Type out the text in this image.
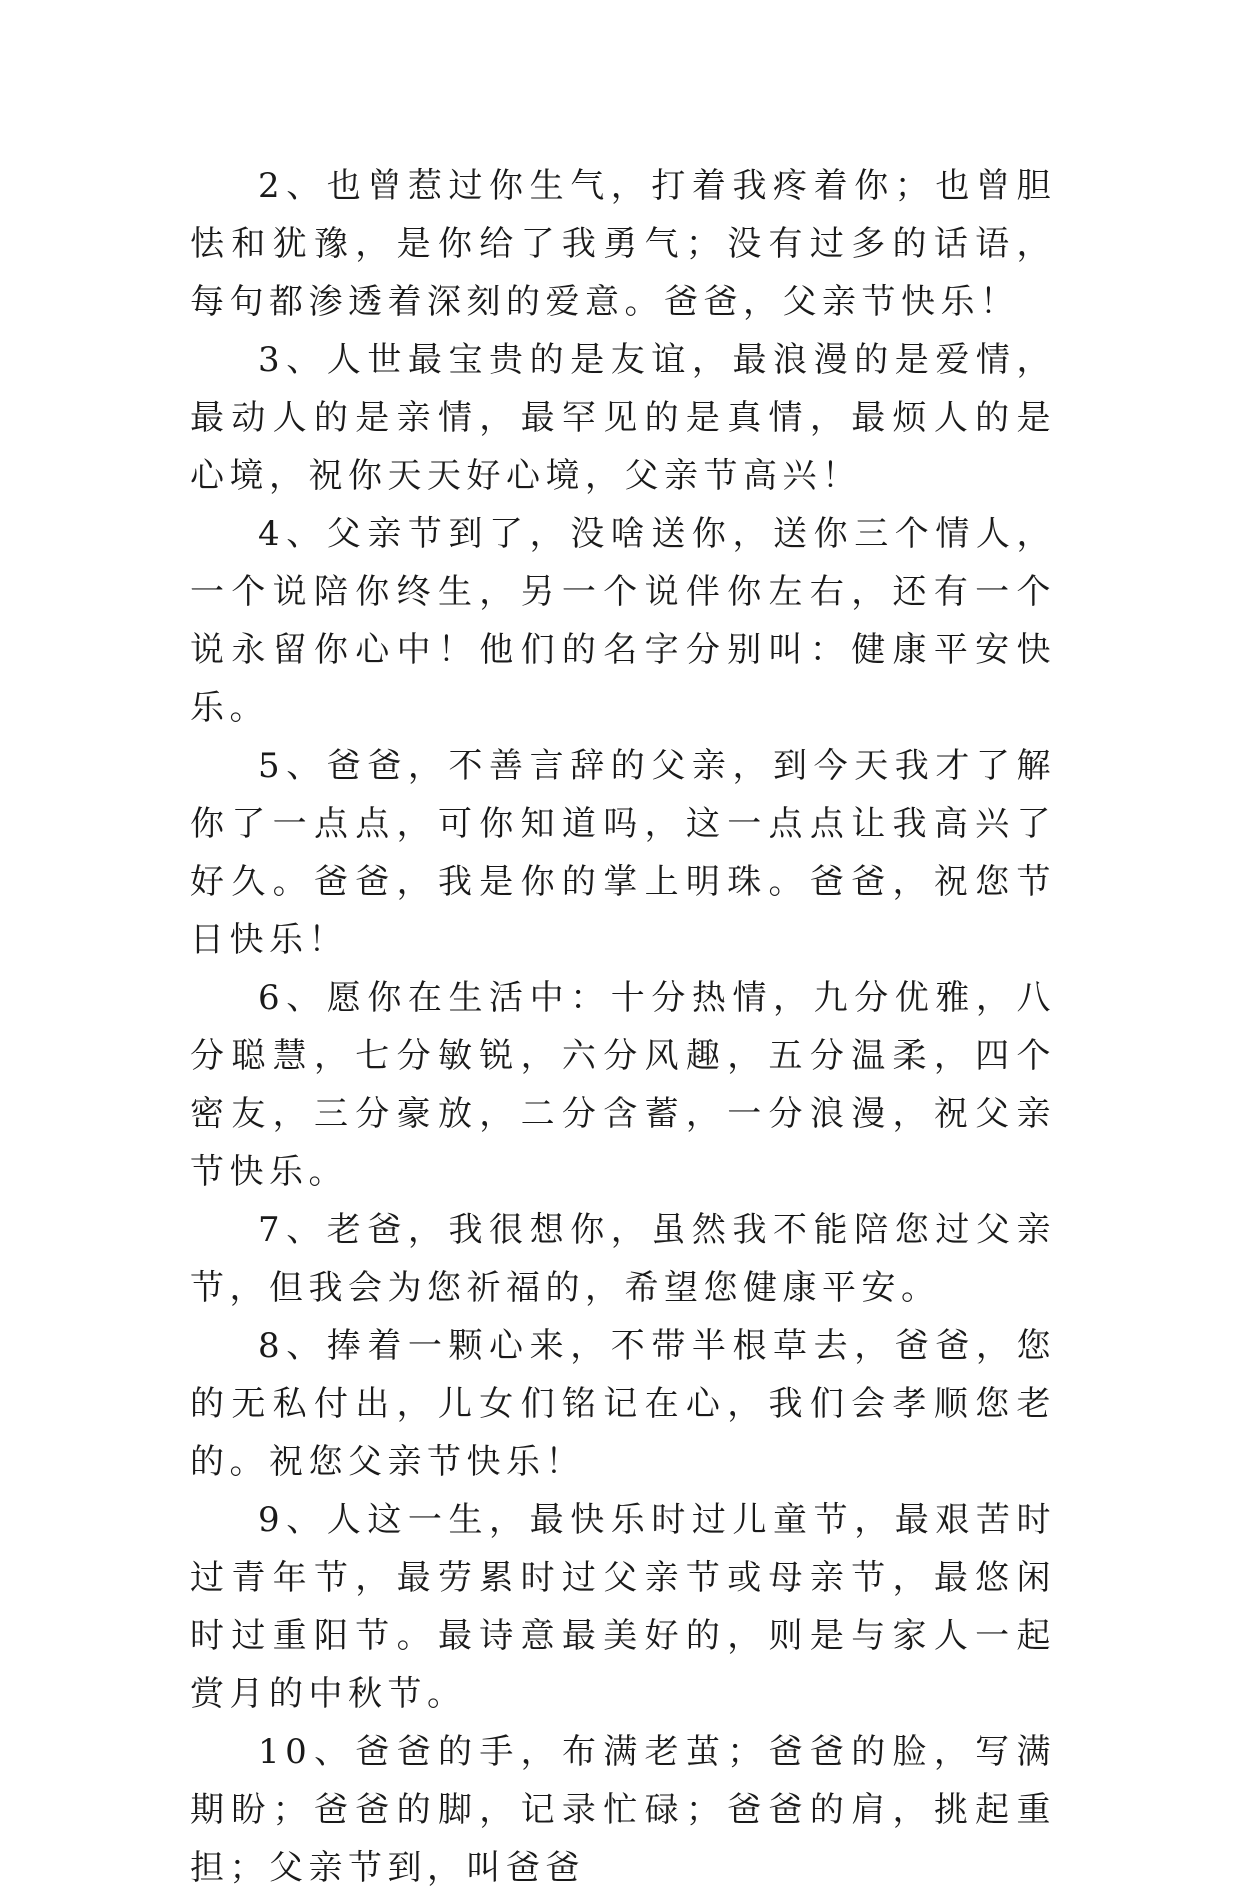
2、也曾惹过你生气，打着我疼着你；也曾胆怯和犹豫，是你给了我勇气；没有过多的话语，每句都渗透着深刻的爱意。爸爸，父亲节快乐！

3、人世最宝贵的是友谊，最浪漫的是爱情，最动人的是亲情，最罕见的是真情，最烦人的是心境，祝你天天好心境，父亲节高兴！

4、父亲节到了，没啥送你，送你三个情人，一个说陪你终生，另一个说伴你左右，还有一个说永留你心中！他们的名字分别叫：健康平安快乐。

5、爸爸，不善言辞的父亲，到今天我才了解你了一点点，可你知道吗，这一点点让我高兴了好久。爸爸，我是你的掌上明珠。爸爸，祝您节日快乐！

6、愿你在生活中：十分热情，九分优雅，八分聪慧，七分敏锐，六分风趣，五分温柔，四个密友，三分豪放，二分含蓄，一分浪漫，祝父亲节快乐。

7、老爸，我很想你，虽然我不能陪您过父亲节，但我会为您祈福的，希望您健康平安。

8、捧着一颗心来，不带半根草去，爸爸，您的无私付出，儿女们铭记在心，我们会孝顺您老的。祝您父亲节快乐！

9、人这一生，最快乐时过儿童节，最艰苦时过青年节，最劳累时过父亲节或母亲节，最悠闲时过重阳节。最诗意最美好的，则是与家人一起赏月的中秋节。

10、爸爸的手，布满老茧；爸爸的脸，写满期盼；爸爸的脚，记录忙碌；爸爸的肩，挑起重担；父亲节到，叫爸爸
